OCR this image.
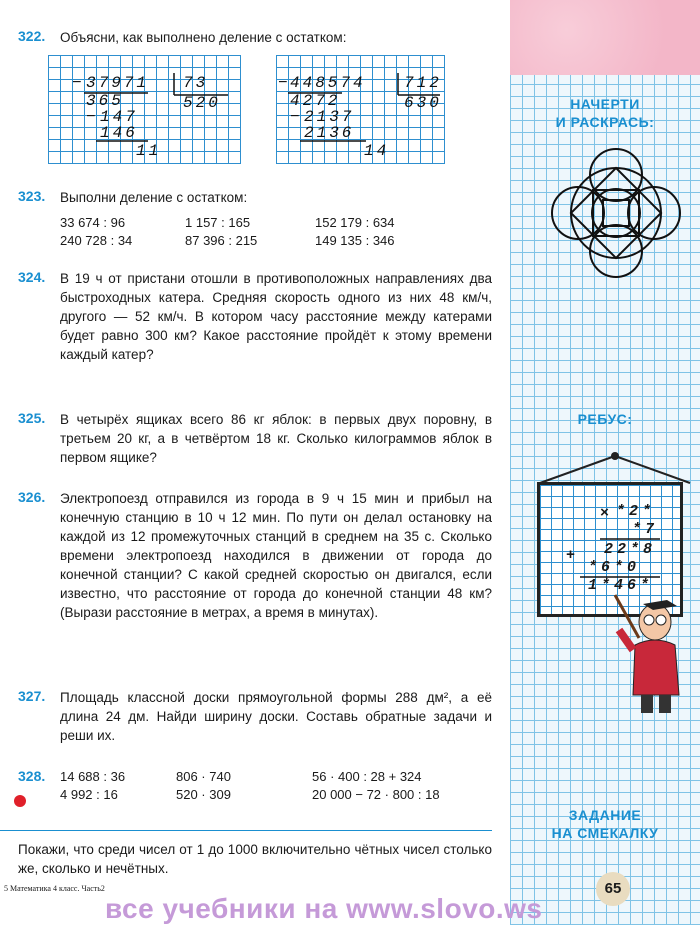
322. Объясни, как выполнено деление с остатком:
− 37971 73
365	520
− 147
146
11
− 448574 712
4272	630
− 2137
2136
14
323. Выполни деление с остатком:
33 674 : 96
240 728 : 34
1 157 : 165
87 396 : 215
152 179 : 634
149 135 : 346
324. В 19 ч от пристани отошли в противоположных направлениях два быстроходных катера. Средняя скорость одного из них 48 км/ч, другого — 52 км/ч. В котором часу расстояние между катерами будет равно 300 км? Какое расстояние пройдёт к этому времени каждый катер?
325. В четырёх ящиках всего 86 кг яблок: в первых двух поровну, в третьем 20 кг, а в четвёртом 18 кг. Сколько килограммов яблок в первом ящике?
326. Электропоезд отправился из города в 9 ч 15 мин и прибыл на конечную станцию в 10 ч 12 мин. По пути он делал остановку на каждой из 12 промежуточных станций в среднем на 35 с. Сколько времени электропоезд находился в движении от города до конечной станции? С какой средней скоростью он двигался, если известно, что расстояние от города до конечной станции 48 км? (Вырази расстояние в метрах, а время в минутах).
327. Площадь классной доски прямоугольной формы 288 дм², а её длина 24 дм. Найди ширину доски. Составь обратные задачи и реши их.
328. 14 688 : 36
4 992 : 16
806 · 740
520 · 309
56 · 400 : 28 + 324
20 000 − 72 · 800 : 18
Покажи, что среди чисел от 1 до 1000 включительно чётных чисел столько же, сколько и нечётных.
5 Математика 4 класс. Часть2
НАЧЕРТИ
И РАСКРАСЬ:
РЕБУС:
× *2*
*7
22*8
+
*6*0
1*46*
ЗАДАНИЕ
НА СМЕКАЛКУ
65
все учебники на www.slovo.ws
